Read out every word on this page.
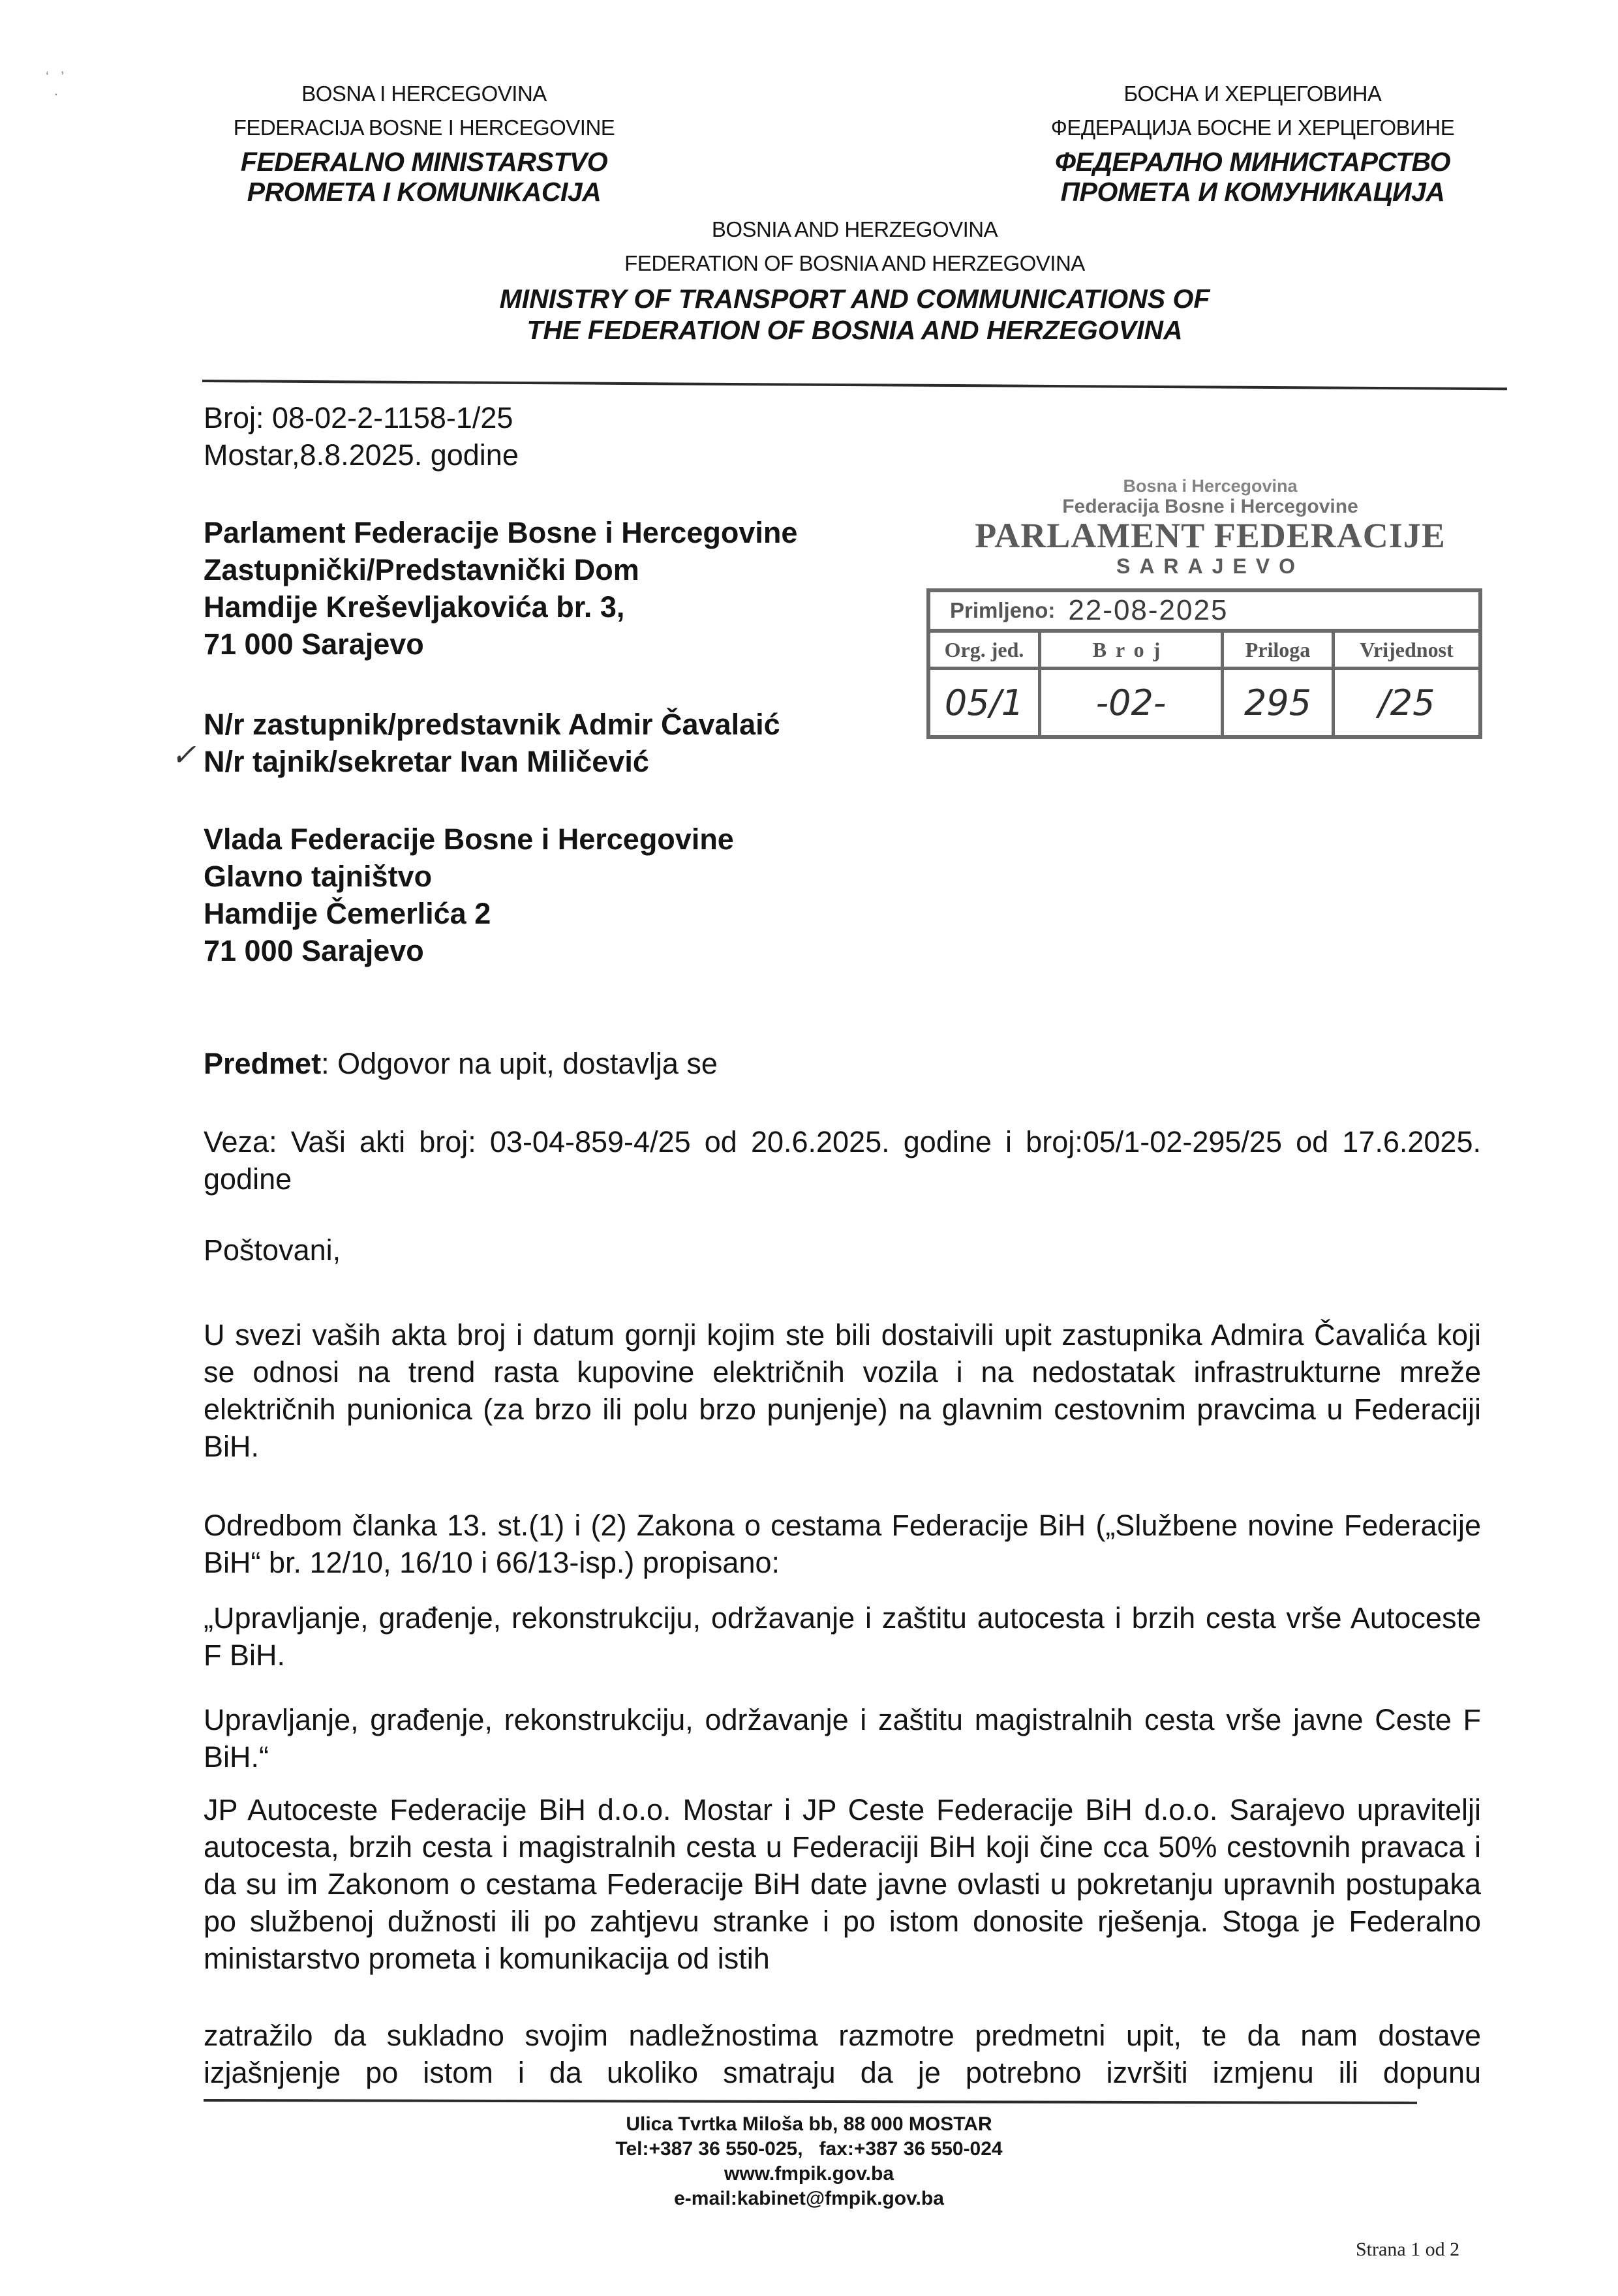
‘   ’
·	BOSNA I HERCEGOVINA
FEDERACIJA BOSNE I HERCEGOVINE
FEDERALNO MINISTARSTVO
PROMETA I KOMUNIKACIJA
БОСНА И ХЕРЦЕГОВИНА
ФЕДЕРАЦИЈА БОСНЕ И ХЕРЦЕГОВИНЕ
ФЕДЕРАЛНО МИНИСТАРСТВО
ПРОМЕТА И КОМУНИКАЦИЈА
BOSNIA AND HERZEGOVINA
FEDERATION OF BOSNIA AND HERZEGOVINA
MINISTRY OF TRANSPORT AND COMMUNICATIONS OF
THE FEDERATION OF BOSNIA AND HERZEGOVINA
Broj: 08-02-2-1158-1/25
Mostar,8.8.2025. godine
Parlament Federacije Bosne i Hercegovine
Zastupnički/Predstavnički Dom
Hamdije Kreševljakovića br. 3,
71 000 Sarajevo
N/r zastupnik/predstavnik Admir Čavalaić
N/r tajnik/sekretar Ivan Miličević
✓
Vlada Federacije Bosne i Hercegovine
Glavno tajništvo
Hamdije Čemerlića 2
71 000 Sarajevo
Bosna i Hercegovina
Federacija Bosne i Hercegovine
PARLAMENT FEDERACIJE
SARAJEVO
Primljeno: 22-08-2025
Org. jed.	Broj	Priloga	Vrijednost
05/1	-02-	295	/25
Predmet: Odgovor na upit, dostavlja se
Veza: Vaši akti broj: 03-04-859-4/25 od 20.6.2025. godine i broj:05/1-02-295/25 od 17.6.2025. godine
Poštovani,
U svezi vaših akta broj i datum gornji kojim ste bili dostaivili upit zastupnika Admira Čavalića koji se odnosi na trend rasta kupovine električnih vozila i na nedostatak infrastrukturne mreže električnih punionica (za brzo ili polu brzo punjenje) na glavnim cestovnim pravcima u Federaciji BiH.
Odredbom članka 13. st.(1) i (2) Zakona o cestama Federacije BiH („Službene novine Federacije BiH“ br. 12/10, 16/10 i 66/13-isp.) propisano:
„Upravljanje, građenje, rekonstrukciju, održavanje i zaštitu autocesta i brzih cesta vrše Autoceste F BiH.
Upravljanje, građenje, rekonstrukciju, održavanje i zaštitu magistralnih cesta vrše javne Ceste F BiH.“
JP Autoceste Federacije BiH d.o.o. Mostar i JP Ceste Federacije BiH d.o.o. Sarajevo upravitelji autocesta, brzih cesta i magistralnih cesta u Federaciji BiH koji čine cca 50% cestovnih pravaca i da su im Zakonom o cestama Federacije BiH date javne ovlasti u pokretanju upravnih postupaka po službenoj dužnosti ili po zahtjevu stranke i po istom donosite rješenja. Stoga je Federalno ministarstvo prometa i komunikacija od istih
zatražilo da sukladno svojim nadležnostima razmotre predmetni upit, te da nam dostave izjašnjenje po istom i da ukoliko smatraju da je potrebno izvršiti izmjenu ili dopunu
Ulica Tvrtka Miloša bb, 88 000 MOSTAR
Tel:+387 36 550-025,   fax:+387 36 550-024
www.fmpik.gov.ba
e-mail:kabinet@fmpik.gov.ba
Strana 1 od 2
